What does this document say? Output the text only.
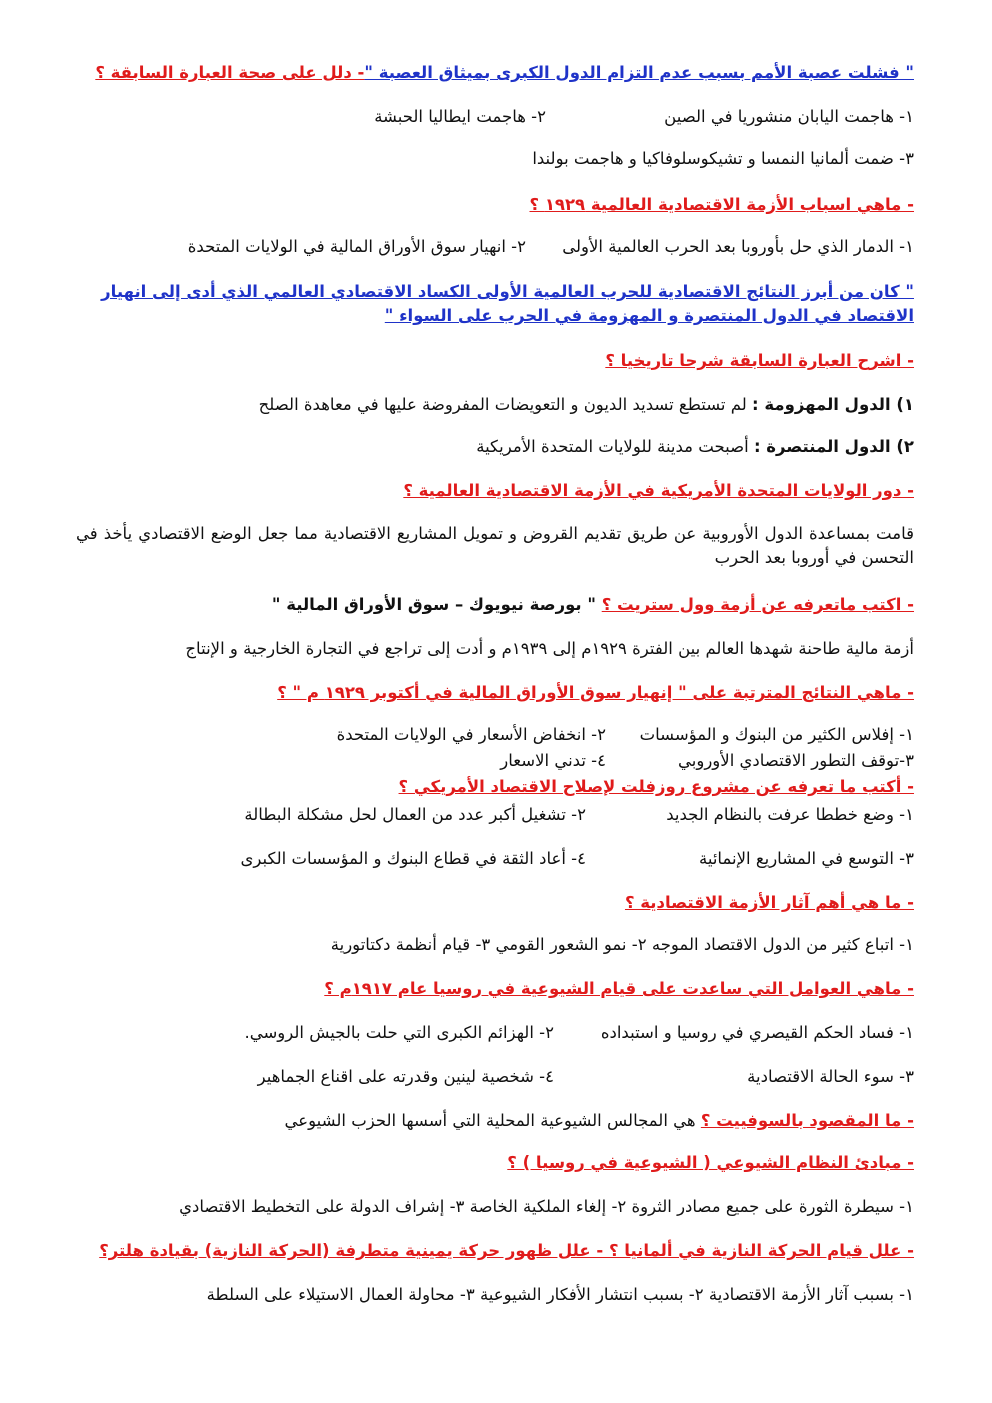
" فشلت عصبة الأمم بسبب عدم التزام الدول الكبرى بميثاق العصبة "- دلل على صحة العبارة السابقة ؟
١- هاجمت اليابان منشوريا في الصين
٢- هاجمت ايطاليا الحبشة
٣- ضمت ألمانيا النمسا و تشيكوسلوفاكيا و هاجمت بولندا
- ماهي اسباب الأزمة الاقتصادية العالمية ١٩٢٩ ؟
١- الدمار الذي حل بأوروبا بعد الحرب العالمية الأولى
٢- انهيار سوق الأوراق المالية في الولايات المتحدة
" كان من أبرز النتائج الاقتصادية للحرب العالمية الأولى الكساد الاقتصادي العالمي الذي أدى إلى انهيار الاقتصاد في الدول المنتصرة و المهزومة في الحرب على السواء "
- اشرح العبارة السابقة شرحا تاريخيا ؟
١) الدول المهزومة : لم تستطع تسديد الديون و التعويضات المفروضة عليها في معاهدة الصلح
٢) الدول المنتصرة : أصبحت مدينة للولايات المتحدة الأمريكية
- دور الولايات المتحدة الأمريكية في الأزمة الاقتصادية العالمية ؟
قامت بمساعدة الدول الأوروبية عن طريق تقديم القروض و تمويل المشاريع الاقتصادية مما جعل الوضع الاقتصادي يأخذ في التحسن في أوروبا بعد الحرب
- اكتب ماتعرفه عن أزمة وول ستريت ؟ " بورصة نيويوك – سوق الأوراق المالية "
أزمة مالية طاحنة شهدها العالم بين الفترة ١٩٢٩م إلى ١٩٣٩م و أدت إلى تراجع في التجارة الخارجية و الإنتاج
- ماهي النتائج المترتبة على " إنهيار سوق الأوراق المالية في أكتوبر ١٩٢٩ م " ؟
١- إفلاس الكثير من البنوك و المؤسسات
٢- انخفاض الأسعار في الولايات المتحدة
٣-توقف التطور الاقتصادي الأوروبي
٤- تدني الاسعار
- أكتب ما تعرفه عن مشروع روزفلت لإصلاح الاقتصاد الأمريكي ؟
١- وضع خططا عرفت بالنظام الجديد
٢- تشغيل أكبر عدد من العمال لحل مشكلة البطالة
٣- التوسع في المشاريع الإنمائية
٤- أعاد الثقة في قطاع البنوك و المؤسسات الكبرى
- ما هي أهم آثار الأزمة الاقتصادية ؟
١- اتباع كثير من الدول الاقتصاد الموجه ٢- نمو الشعور القومي ٣- قيام أنظمة دكتاتورية
- ماهي العوامل التي ساعدت على قيام الشيوعية في روسيا عام ١٩١٧م ؟
١- فساد الحكم القيصري في روسيا و استبداده
٢- الهزائم الكبرى التي حلت بالجيش الروسي.
٣- سوء الحالة الاقتصادية
٤- شخصية لينين وقدرته على اقناع الجماهير
- ما المقصود بالسوفييت ؟ هي المجالس الشيوعية المحلية التي أسسها الحزب الشيوعي
- مبادئ النظام الشيوعي ( الشيوعية في روسيا ) ؟
١- سيطرة الثورة على جميع مصادر الثروة ٢- إلغاء الملكية الخاصة ٣- إشراف الدولة على التخطيط الاقتصادي
- علل قيام الحركة النازية في ألمانيا ؟ - علل ظهور حركة يمينية متطرفة (الحركة النازية) بقيادة هلتر؟
١- بسبب آثار الأزمة الاقتصادية ٢- بسبب انتشار الأفكار الشيوعية ٣- محاولة العمال الاستيلاء على السلطة
